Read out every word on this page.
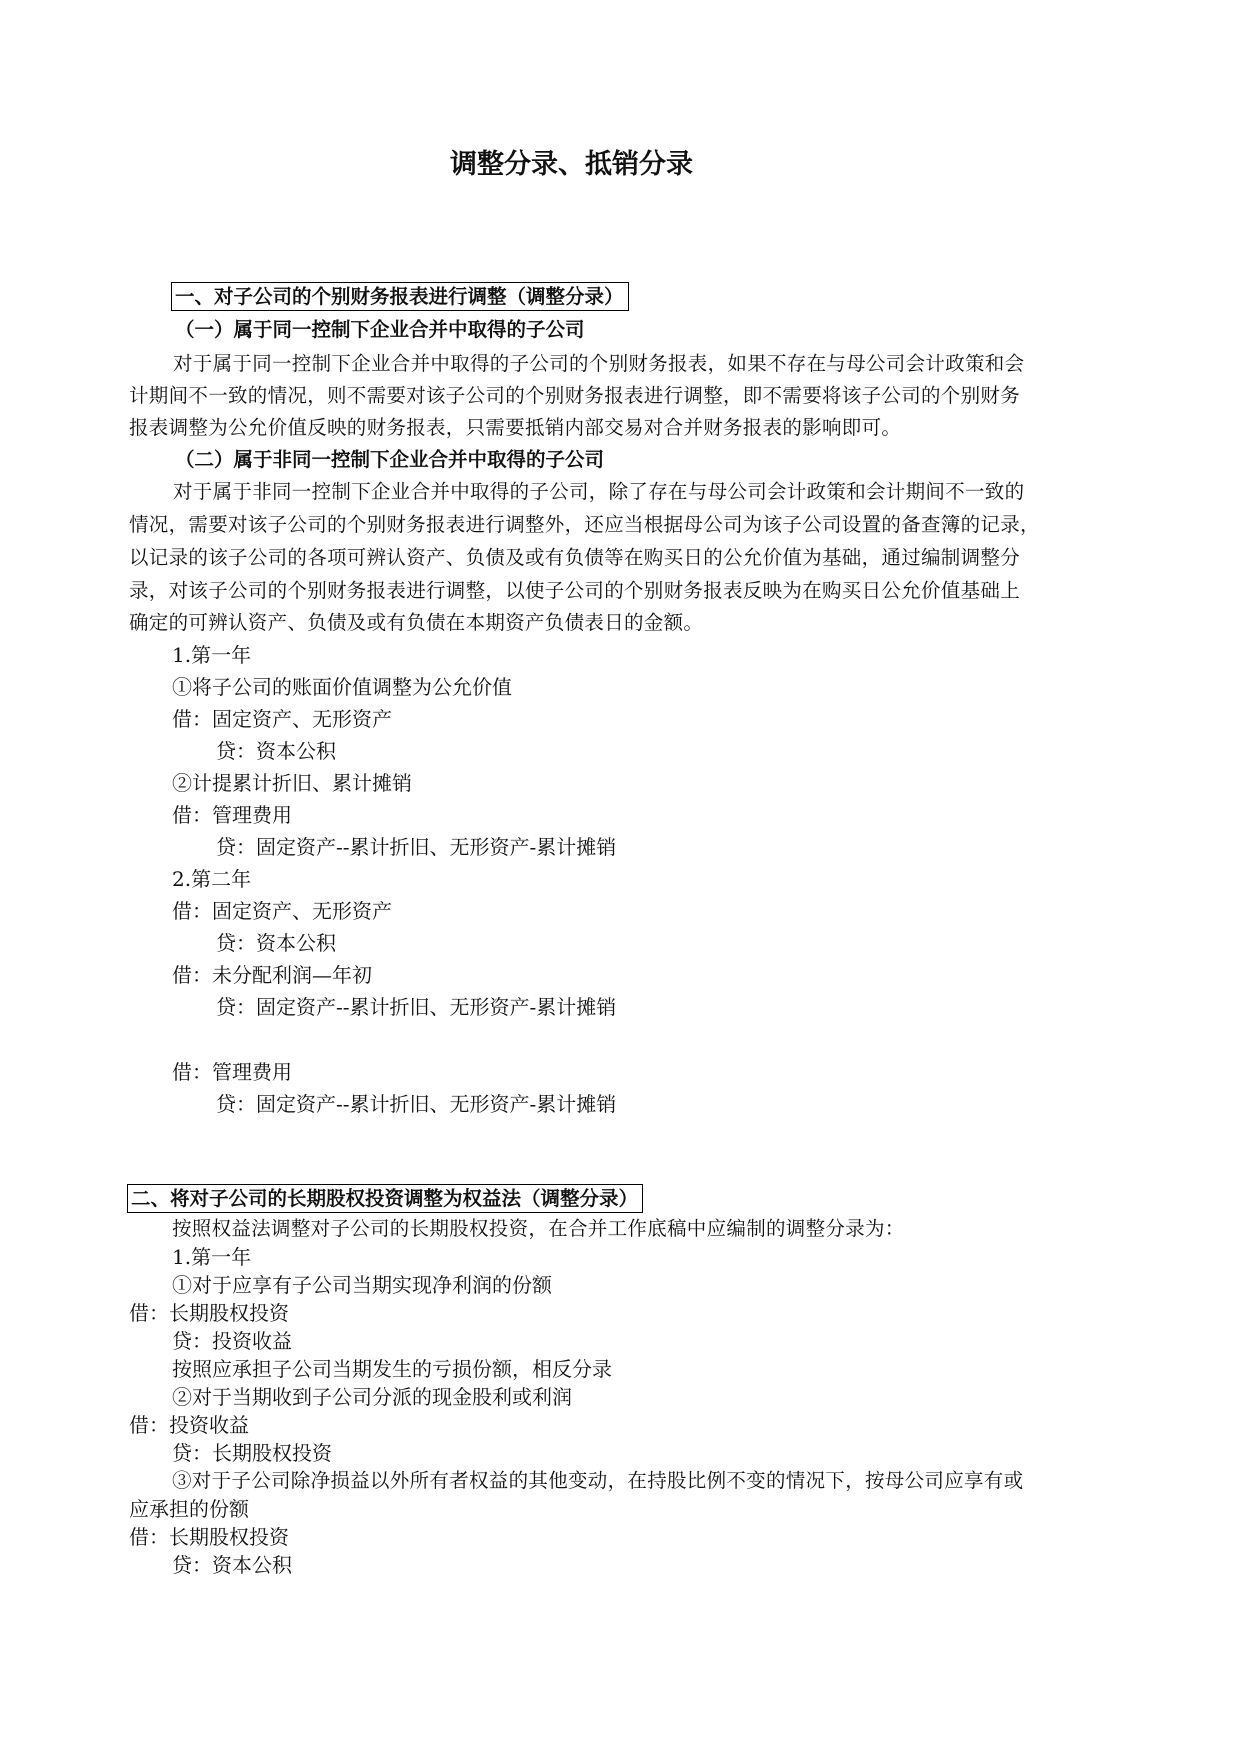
调整分录、抵销分录
一、对子公司的个别财务报表进行调整（调整分录）
（一）属于同一控制下企业合并中取得的子公司
对于属于同一控制下企业合并中取得的子公司的个别财务报表，如果不存在与母公司会计政策和会
计期间不一致的情况，则不需要对该子公司的个别财务报表进行调整，即不需要将该子公司的个别财务
报表调整为公允价值反映的财务报表，只需要抵销内部交易对合并财务报表的影响即可。
（二）属于非同一控制下企业合并中取得的子公司
对于属于非同一控制下企业合并中取得的子公司，除了存在与母公司会计政策和会计期间不一致的
情况，需要对该子公司的个别财务报表进行调整外，还应当根据母公司为该子公司设置的备查簿的记录，
以记录的该子公司的各项可辨认资产、负债及或有负债等在购买日的公允价值为基础，通过编制调整分
录，对该子公司的个别财务报表进行调整，以使子公司的个别财务报表反映为在购买日公允价值基础上
确定的可辨认资产、负债及或有负债在本期资产负债表日的金额。
1.第一年
①将子公司的账面价值调整为公允价值
借：固定资产、无形资产
贷：资本公积
②计提累计折旧、累计摊销
借：管理费用
贷：固定资产--累计折旧、无形资产-累计摊销
2.第二年
借：固定资产、无形资产
贷：资本公积
借：未分配利润—年初
贷：固定资产--累计折旧、无形资产-累计摊销
借：管理费用
贷：固定资产--累计折旧、无形资产-累计摊销
二、将对子公司的长期股权投资调整为权益法（调整分录）
按照权益法调整对子公司的长期股权投资，在合并工作底稿中应编制的调整分录为：
1.第一年
①对于应享有子公司当期实现净利润的份额
借：长期股权投资
贷：投资收益
按照应承担子公司当期发生的亏损份额，相反分录
②对于当期收到子公司分派的现金股利或利润
借：投资收益
贷：长期股权投资
③对于子公司除净损益以外所有者权益的其他变动，在持股比例不变的情况下，按母公司应享有或
应承担的份额
借：长期股权投资
贷：资本公积
